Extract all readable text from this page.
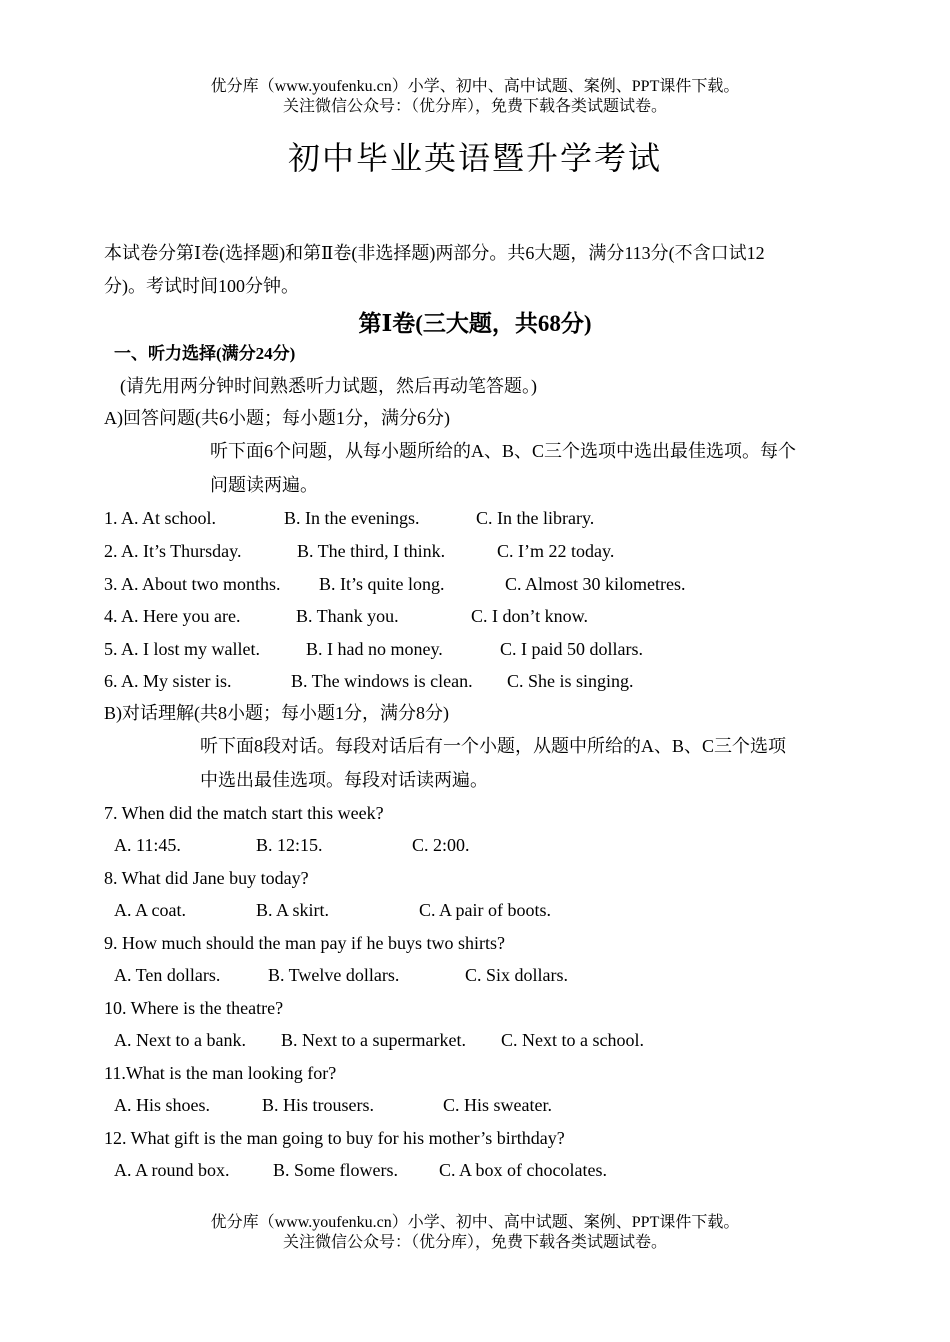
优分库（www.youfenku.cn）小学、初中、高中试题、案例、PPT课件下载。
关注微信公众号：（优分库），免费下载各类试题试卷。
初中毕业英语暨升学考试
本试卷分第Ⅰ卷(选择题)和第Ⅱ卷(非选择题)两部分。共6大题，满分113分(不含口试12
分)。考试时间100分钟。
第Ⅰ卷(三大题，共68分)
一、听力选择(满分24分)
(请先用两分钟时间熟悉听力试题，然后再动笔答题。)
A)回答问题(共6小题；每小题1分，满分6分)
听下面6个问题，从每小题所给的A、B、C三个选项中选出最佳选项。每个
问题读两遍。
1. A. At school.	B. In the evenings.	C. In the library.
2. A. It’s Thursday.	B. The third, I think.	C. I’m 22 today.
3. A. About two months. B. It’s quite long.	C. Almost 30 kilometres.
4. A. Here you are.	B. Thank you.	C. I don’t know.
5. A. I lost my wallet.	B. I had no money.	C. I paid 50 dollars.
6. A. My sister is.	B. The windows is clean. C. She is singing.
B)对话理解(共8小题；每小题1分，满分8分)
听下面8段对话。每段对话后有一个小题，从题中所给的A、B、C三个选项
中选出最佳选项。每段对话读两遍。
7. When did the match start this week?
A. 11:45.	B. 12:15.	C. 2:00.
8. What did Jane buy today?
A. A coat.	B. A skirt.	C. A pair of boots.
9. How much should the man pay if he buys two shirts?
A. Ten dollars.	B. Twelve dollars.	C. Six dollars.
10. Where is the theatre?
A. Next to a bank. B. Next to a supermarket. C. Next to a school.
11.What is the man looking for?
A. His shoes.	B. His trousers.	C. His sweater.
12. What gift is the man going to buy for his mother’s birthday?
A. A round box. B. Some flowers. C. A box of chocolates.
优分库（www.youfenku.cn）小学、初中、高中试题、案例、PPT课件下载。
关注微信公众号：（优分库），免费下载各类试题试卷。
